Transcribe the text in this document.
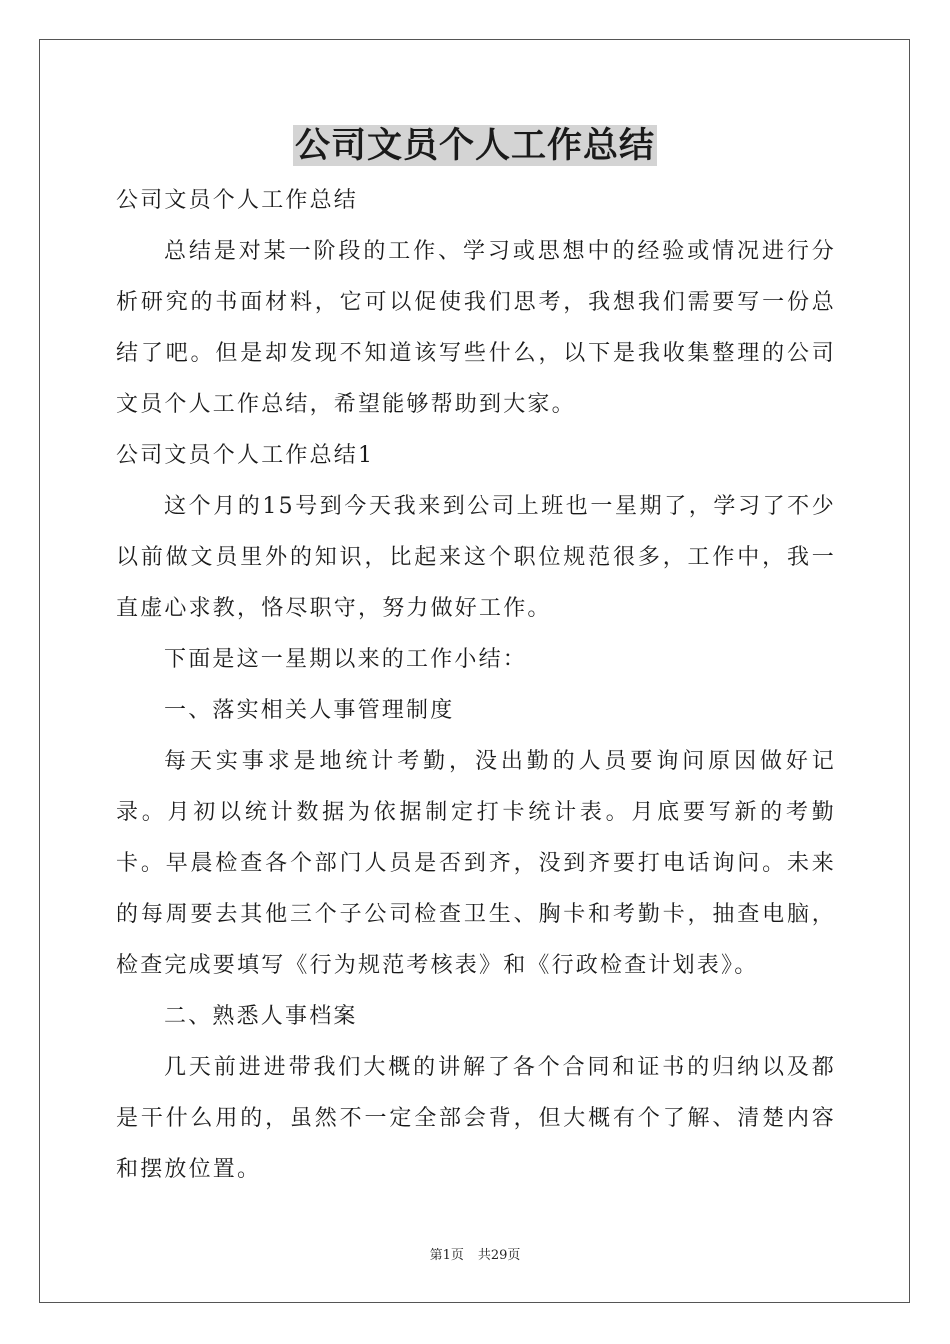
公司文员个人工作总结

公司文员个人工作总结

总结是对某一阶段的工作、学习或思想中的经验或情况进行分析研究的书面材料，它可以促使我们思考，我想我们需要写一份总结了吧。但是却发现不知道该写些什么，以下是我收集整理的公司文员个人工作总结，希望能够帮助到大家。

公司文员个人工作总结1

这个月的15号到今天我来到公司上班也一星期了，学习了不少以前做文员里外的知识，比起来这个职位规范很多，工作中，我一直虚心求教，恪尽职守，努力做好工作。

下面是这一星期以来的工作小结：

一、落实相关人事管理制度

每天实事求是地统计考勤，没出勤的人员要询问原因做好记录。月初以统计数据为依据制定打卡统计表。月底要写新的考勤卡。早晨检查各个部门人员是否到齐，没到齐要打电话询问。未来的每周要去其他三个子公司检查卫生、胸卡和考勤卡，抽查电脑，检查完成要填写《行为规范考核表》和《行政检查计划表》。

二、熟悉人事档案

几天前进进带我们大概的讲解了各个合同和证书的归纳以及都是干什么用的，虽然不一定全部会背，但大概有个了解、清楚内容和摆放位置。

第1页 共29页
